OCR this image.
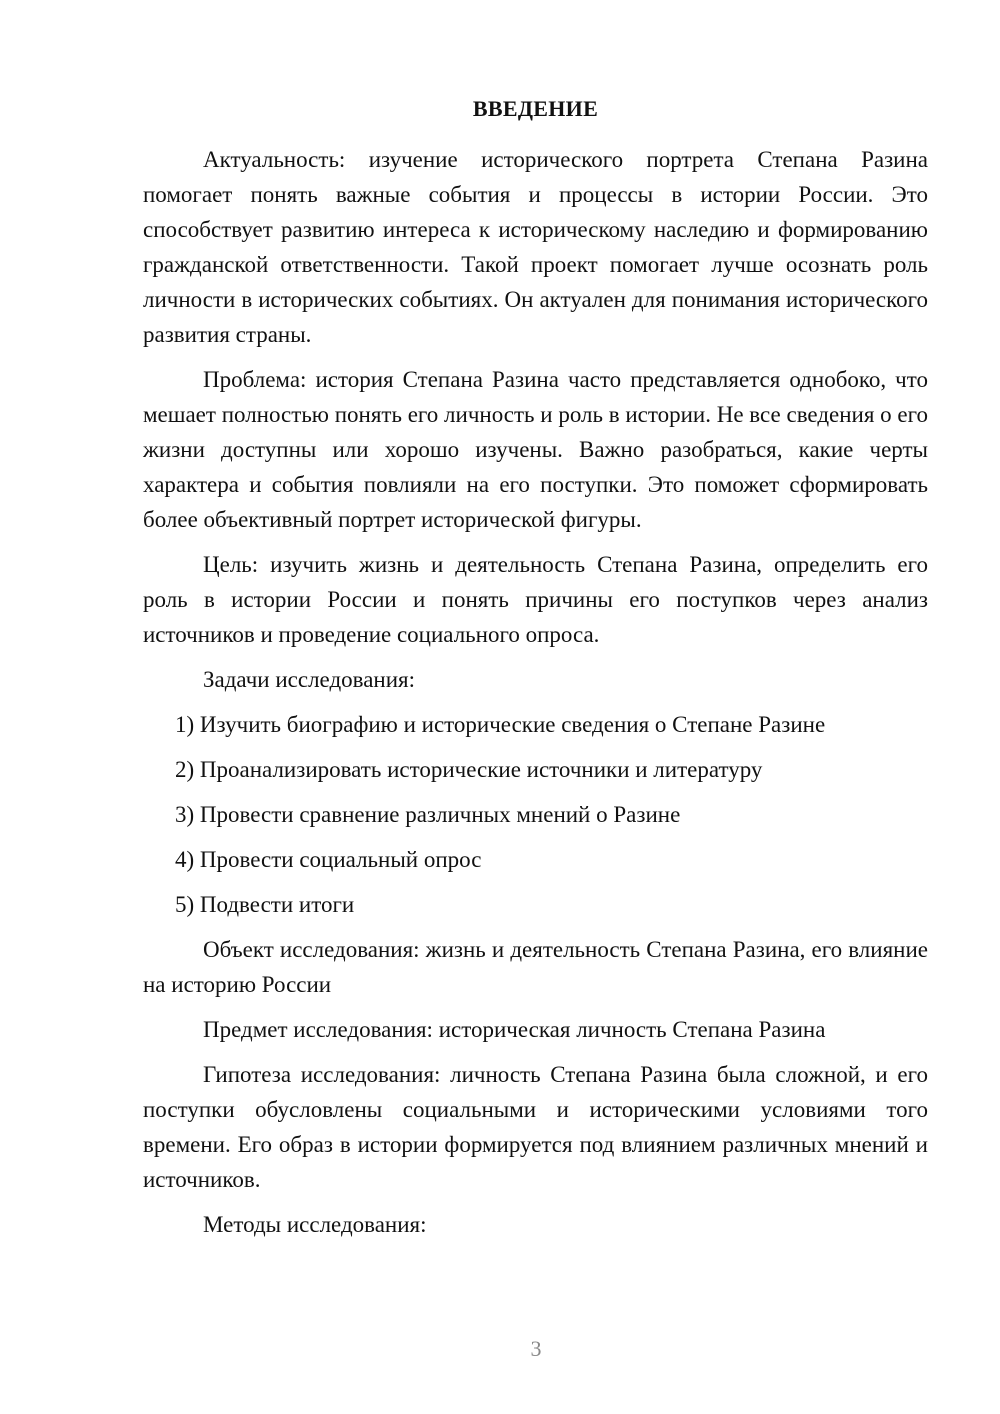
ВВЕДЕНИЕ

Актуальность: изучение исторического портрета Степана Разина помогает понять важные события и процессы в истории России. Это способствует развитию интереса к историческому наследию и формированию гражданской ответственности. Такой проект помогает лучше осознать роль личности в исторических событиях. Он актуален для понимания исторического развития страны.

Проблема: история Степана Разина часто представляется однобоко, что мешает полностью понять его личность и роль в истории. Не все сведения о его жизни доступны или хорошо изучены. Важно разобраться, какие черты характера и события повлияли на его поступки. Это поможет сформировать более объективный портрет исторической фигуры.

Цель: изучить жизнь и деятельность Степана Разина, определить его роль в истории России и понять причины его поступков через анализ источников и проведение социального опроса.

Задачи исследования:

1) Изучить биографию и исторические сведения о Степане Разине
2) Проанализировать исторические источники и литературу
3) Провести сравнение различных мнений о Разине
4) Провести социальный опрос
5) Подвести итоги

Объект исследования: жизнь и деятельность Степана Разина, его влияние на историю России

Предмет исследования: историческая личность Степана Разина

Гипотеза исследования: личность Степана Разина была сложной, и его поступки обусловлены социальными и историческими условиями того времени. Его образ в истории формируется под влиянием различных мнений и источников.

Методы исследования:

3
